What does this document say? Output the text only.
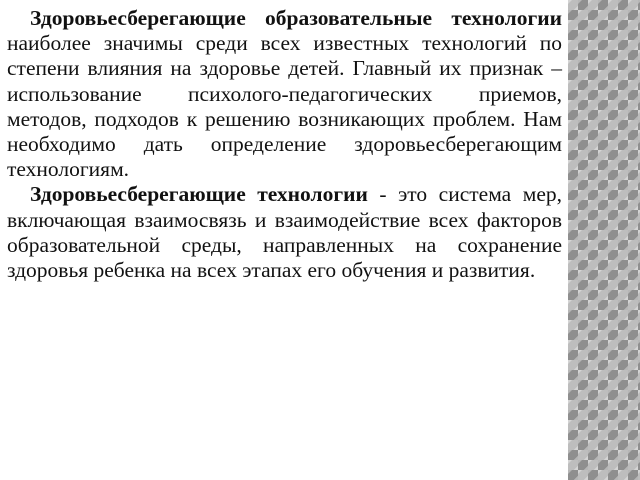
Здоровьесберегающие образовательные технологии наиболее значимы среди всех известных технологий по степени влияния на здоровье детей. Главный их признак – использование психолого-педагогических приемов, методов, подходов к решению возникающих проблем. Нам необходимо дать определение здоровьесберегающим технологиям.

Здоровьесберегающие технологии - это система мер, включающая взаимосвязь и взаимодействие всех факторов образовательной среды, направленных на сохранение здоровья ребенка на всех этапах его обучения и развития.
